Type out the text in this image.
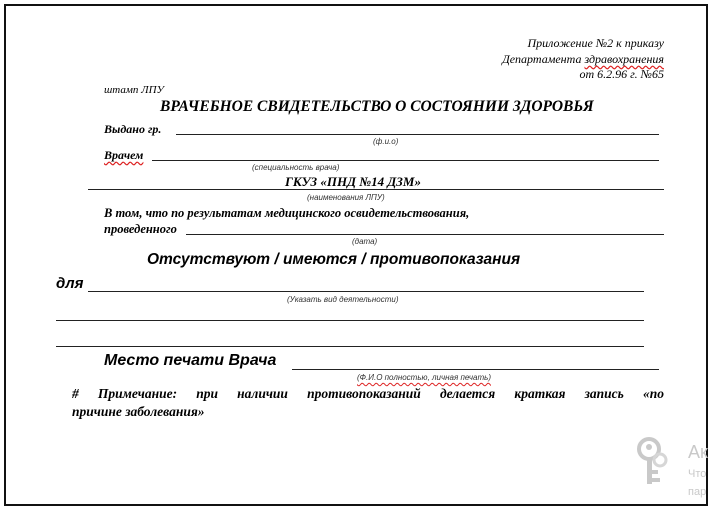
Приложение №2 к приказу
Департамента здравохранения
от 6.2.96 г. №65
штамп ЛПУ
ВРАЧЕБНОЕ СВИДЕТЕЛЬСТВО О СОСТОЯНИИ ЗДОРОВЬЯ
Выдано гр.
(ф.и.о)
Врачем
(специальность врача)
ГКУЗ «ПНД №14 ДЗМ»
(наименования ЛПУ)
В том, что по результатам медицинского освидетельствования,
проведенного
(дата)
Отсутствуют / имеются / противопоказания
для
(Указать вид деятельности)
Место печати Врача
(Ф.И.О полностью, личная печать)
# Примечание: при наличии противопоказаний делается краткая запись «по
причине заболевания»
Ак
Что
пар
